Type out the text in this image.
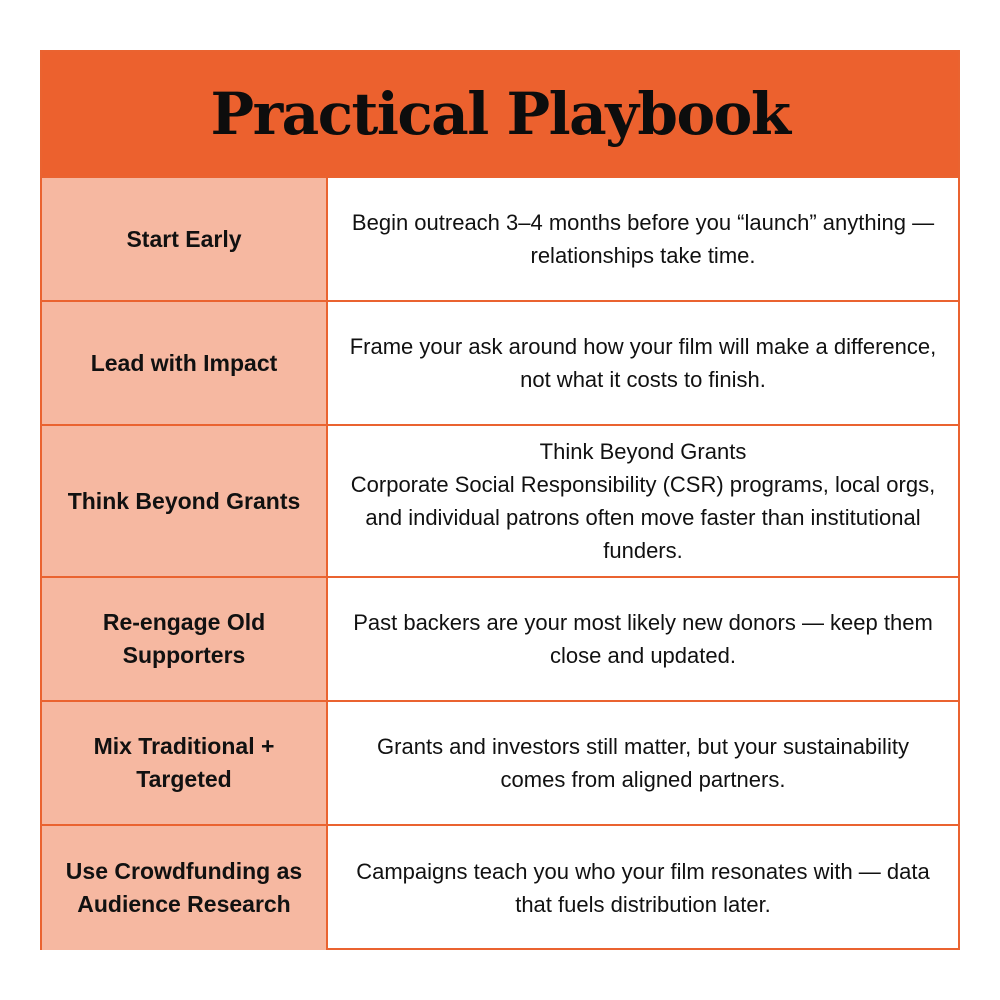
Practical Playbook
Start Early
Begin outreach 3–4 months before you “launch” anything — relationships take time.
Lead with Impact
Frame your ask around how your film will make a difference, not what it costs to finish.
Think Beyond Grants
Think Beyond Grants
Corporate Social Responsibility (CSR) programs, local orgs, and individual patrons often move faster than institutional funders.
Re-engage Old Supporters
Past backers are your most likely new donors — keep them close and updated.
Mix Traditional + Targeted
Grants and investors still matter, but your sustainability comes from aligned partners.
Use Crowdfunding as Audience Research
Campaigns teach you who your film resonates with — data that fuels distribution later.
